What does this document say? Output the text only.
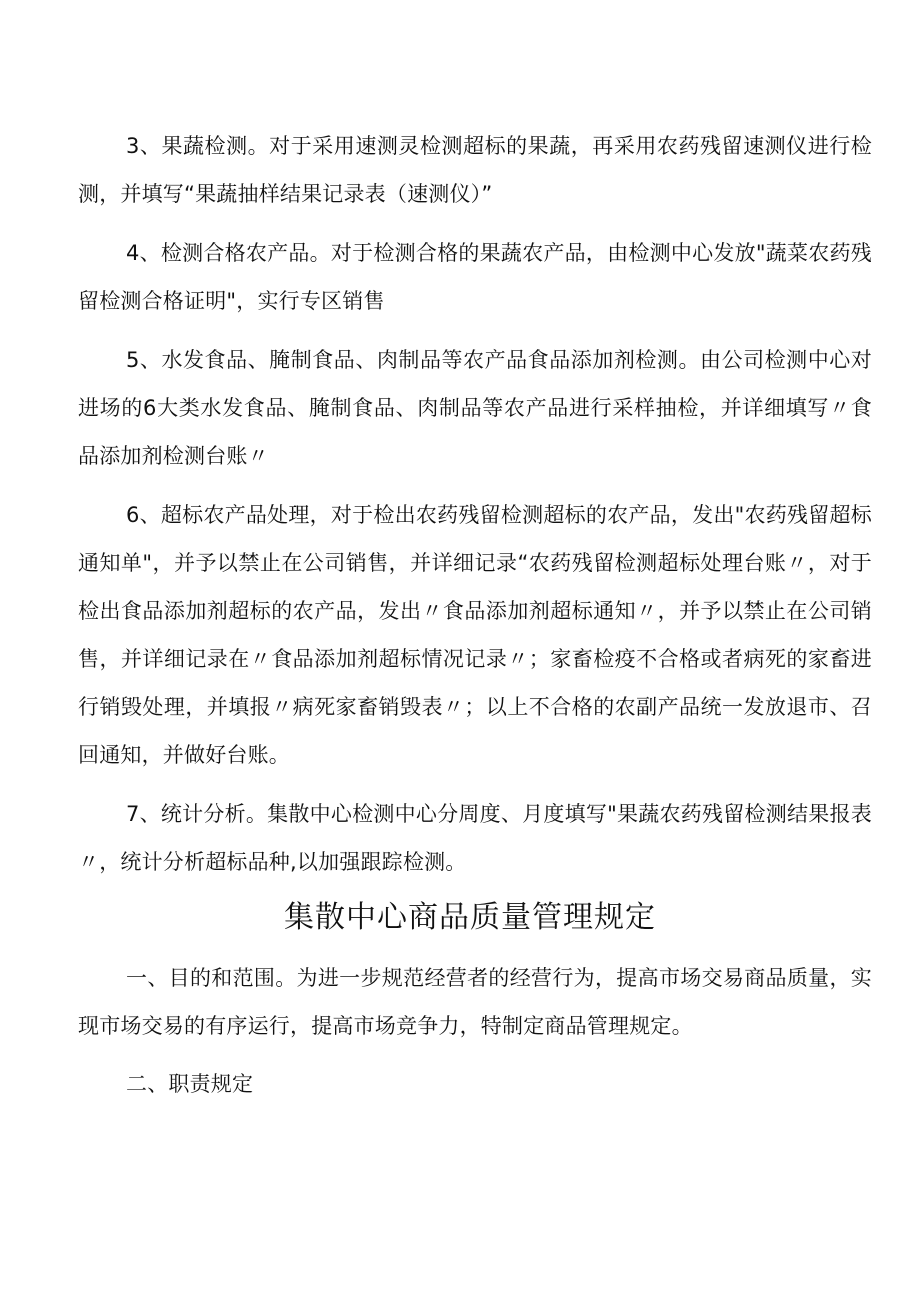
3、果蔬检测。对于采用速测灵检测超标的果蔬，再采用农药残留速测仪进行检测，并填写“果蔬抽样结果记录表（速测仪）”

4、检测合格农产品。对于检测合格的果蔬农产品，由检测中心发放"蔬菜农药残留检测合格证明"，实行专区销售

5、水发食品、腌制食品、肉制品等农产品食品添加剂检测。由公司检测中心对进场的6大类水发食品、腌制食品、肉制品等农产品进行采样抽检，并详细填写〃食品添加剂检测台账〃

6、超标农产品处理，对于检出农药残留检测超标的农产品，发出"农药残留超标通知单"，并予以禁止在公司销售，并详细记录“农药残留检测超标处理台账〃，对于检出食品添加剂超标的农产品，发出〃食品添加剂超标通知〃，并予以禁止在公司销售，并详细记录在〃食品添加剂超标情况记录〃；家畜检疫不合格或者病死的家畜进行销毁处理，并填报〃病死家畜销毁表〃；以上不合格的农副产品统一发放退市、召回通知，并做好台账。

7、统计分析。集散中心检测中心分周度、月度填写"果蔬农药残留检测结果报表〃，统计分析超标品种,以加强跟踪检测。

集散中心商品质量管理规定

一、目的和范围。为进一步规范经营者的经营行为，提高市场交易商品质量，实现市场交易的有序运行，提高市场竞争力，特制定商品管理规定。

二、职责规定
